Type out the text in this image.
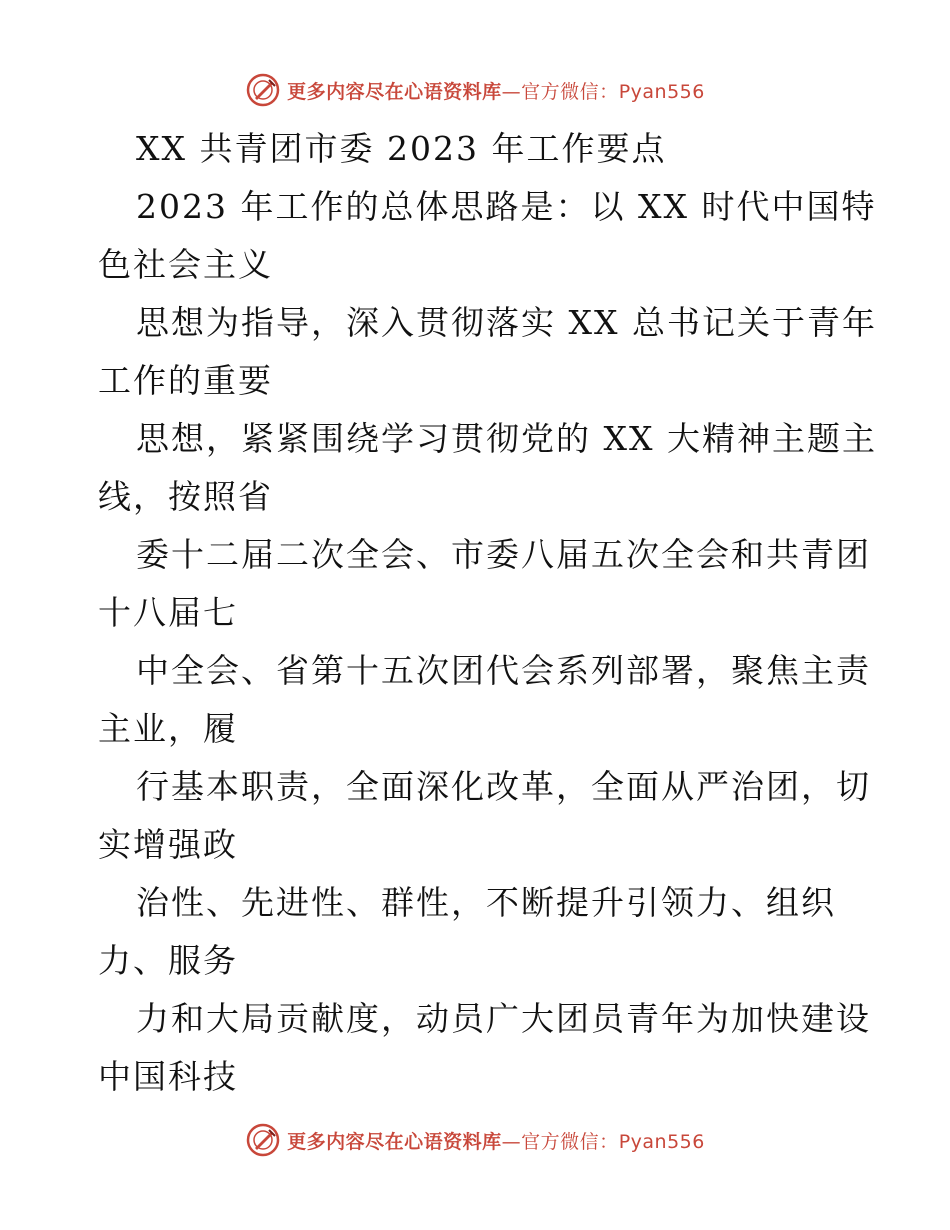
更多内容尽在心语资料库—官方微信：Pyan556
XX 共青团市委 2023 年工作要点
2023 年工作的总体思路是：以 XX 时代中国特
色社会主义
思想为指导，深入贯彻落实 XX 总书记关于青年
工作的重要
思想，紧紧围绕学习贯彻党的 XX 大精神主题主
线，按照省
委十二届二次全会、市委八届五次全会和共青团
十八届七
中全会、省第十五次团代会系列部署，聚焦主责
主业，履
行基本职责，全面深化改革，全面从严治团，切
实增强政
治性、先进性、群性，不断提升引领力、组织
力、服务
力和大局贡献度，动员广大团员青年为加快建设
中国科技
更多内容尽在心语资料库—官方微信：Pyan556
